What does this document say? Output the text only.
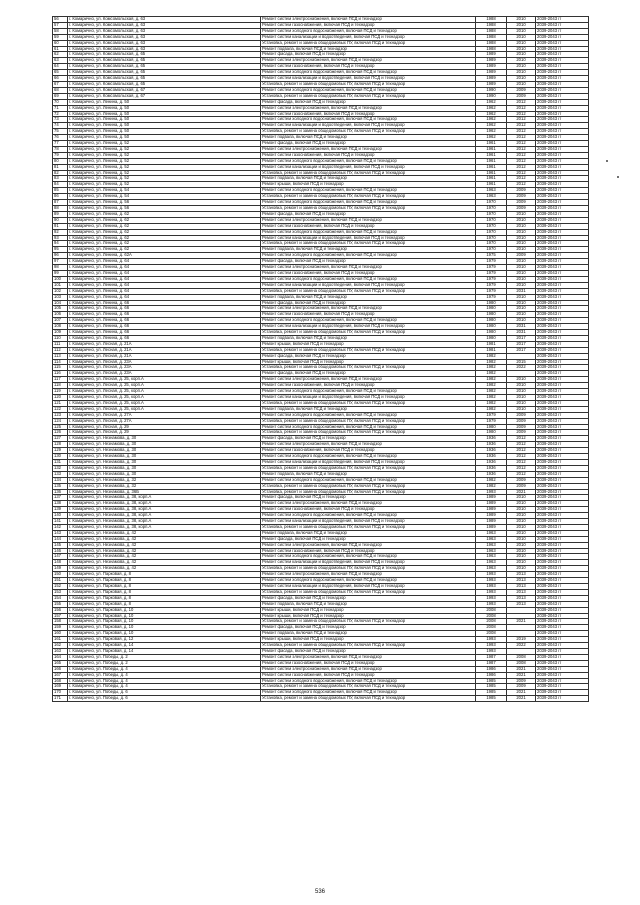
56	г. Комарично, ул. Комсомольская, д. 63	Ремонт систем электроснабжения, включая ПСД и технадзор	1988	2010	2039-2043 гг
57	г. Комарично, ул. Комсомольская, д. 63	Ремонт систем газоснабжения, включая ПСД и технадзор	1988	2010	2039-2043 гг
58	г. Комарично, ул. Комсомольская, д. 63	Ремонт систем холодного водоснабжения, включая ПСД и технадзор	1988	2010	2039-2043 гг
59	г. Комарично, ул. Комсомольская, д. 63	Ремонт систем канализации и водоотведения, включая ПСД и технадзор	1988	2010	2039-2043 гг
60	г. Комарично, ул. Комсомольская, д. 63	Установка, ремонт и замена общедомовых ПУ, включая ПСД и технадзор	1988	2010	2039-2043 гг
61	г. Комарично, ул. Комсомольская, д. 63	Ремонт подвала, включая ПСД и технадзор	1988	2010	2039-2043 гг
62	г. Комарично, ул. Комсомольская, д. 65	Ремонт фасада, включая ПСД и технадзор	1989	2010	2039-2043 гг
63	г. Комарично, ул. Комсомольская, д. 65	Ремонт систем электроснабжения, включая ПСД и технадзор	1989	2010	2039-2043 гг
64	г. Комарично, ул. Комсомольская, д. 65	Ремонт систем газоснабжения, включая ПСД и технадзор	1989	2010	2039-2043 гг
65	г. Комарично, ул. Комсомольская, д. 65	Ремонт систем холодного водоснабжения, включая ПСД и технадзор	1989	2010	2039-2043 гг
66	г. Комарично, ул. Комсомольская, д. 65	Ремонт систем канализации и водоотведения, включая ПСД и технадзор	1989	2010	2039-2043 гг
67	г. Комарично, ул. Комсомольская, д. 65	Установка, ремонт и замена общедомовых ПУ, включая ПСД и технадзор	1989	2010	2039-2043 гг
68	г. Комарично, ул. Комсомольская, д. 67	Ремонт систем холодного водоснабжения, включая ПСД и технадзор	1990	2009	2039-2043 гг
69	г. Комарично, ул. Комсомольская, д. 67	Установка, ремонт и замена общедомовых ПУ, включая ПСД и технадзор	1990	2009	2039-2043 гг
70	г. Комарично, ул. Ленина, д. 50	Ремонт фасада, включая ПСД и технадзор	1962	2012	2039-2043 гг
71	г. Комарично, ул. Ленина, д. 50	Ремонт систем электроснабжения, включая ПСД и технадзор	1962	2012	2039-2043 гг
72	г. Комарично, ул. Ленина, д. 50	Ремонт систем газоснабжения, включая ПСД и технадзор	1962	2012	2039-2043 гг
73	г. Комарично, ул. Ленина, д. 50	Ремонт систем холодного водоснабжения, включая ПСД и технадзор	1962	2012	2039-2043 гг
74	г. Комарично, ул. Ленина, д. 50	Ремонт систем канализации и водоотведения, включая ПСД и технадзор	1962	2012	2039-2043 гг
75	г. Комарично, ул. Ленина, д. 50	Установка, ремонт и замена общедомовых ПУ, включая ПСД и технадзор	1962	2012	2039-2043 гг
76	г. Комарично, ул. Ленина, д. 50	Ремонт подвала, включая ПСД и технадзор	1962	2012	2039-2043 гг
77	г. Комарично, ул. Ленина, д. 52	Ремонт фасада, включая ПСД и технадзор	1961	2012	2039-2043 гг
78	г. Комарично, ул. Ленина, д. 52	Ремонт систем электроснабжения, включая ПСД и технадзор	1961	2012	2039-2043 гг
79	г. Комарично, ул. Ленина, д. 52	Ремонт систем газоснабжения, включая ПСД и технадзор	1961	2012	2039-2043 гг
80	г. Комарично, ул. Ленина, д. 52	Ремонт систем холодного водоснабжения, включая ПСД и технадзор	1961	2012	2039-2043 гг
81	г. Комарично, ул. Ленина, д. 52	Ремонт систем канализации и водоотведения, включая ПСД и технадзор	1961	2012	2039-2043 гг
82	г. Комарично, ул. Ленина, д. 52	Установка, ремонт и замена общедомовых ПУ, включая ПСД и технадзор	1961	2012	2039-2043 гг
83	г. Комарично, ул. Ленина, д. 52	Ремонт подвала, включая ПСД и технадзор	1961	2012	2039-2043 гг
84	г. Комарично, ул. Ленина, д. 52	Ремонт крыши, включая ПСД и технадзор	1961	2012	2039-2043 гг
85	г. Комарично, ул. Ленина, д. 54	Ремонт систем холодного водоснабжения, включая ПСД и технадзор	1963	2009	2039-2043 гг
86	г. Комарично, ул. Ленина, д. 54	Установка, ремонт и замена общедомовых ПУ, включая ПСД и технадзор	1963	2009	2039-2043 гг
87	г. Комарично, ул. Ленина, д. 56	Ремонт систем холодного водоснабжения, включая ПСД и технадзор	1970	2009	2039-2043 гг
88	г. Комарично, ул. Ленина, д. 56	Установка, ремонт и замена общедомовых ПУ, включая ПСД и технадзор	1970	2009	2039-2043 гг
89	г. Комарично, ул. Ленина, д. 62	Ремонт фасада, включая ПСД и технадзор	1970	2010	2039-2043 гг
90	г. Комарично, ул. Ленина, д. 62	Ремонт систем электроснабжения, включая ПСД и технадзор	1970	2010	2039-2043 гг
91	г. Комарично, ул. Ленина, д. 62	Ремонт систем газоснабжения, включая ПСД и технадзор	1970	2010	2039-2043 гг
92	г. Комарично, ул. Ленина, д. 62	Ремонт систем холодного водоснабжения, включая ПСД и технадзор	1970	2010	2039-2043 гг
93	г. Комарично, ул. Ленина, д. 62	Ремонт систем канализации и водоотведения, включая ПСД и технадзор	1970	2010	2039-2043 гг
94	г. Комарично, ул. Ленина, д. 62	Установка, ремонт и замена общедомовых ПУ, включая ПСД и технадзор	1970	2010	2039-2043 гг
95	г. Комарично, ул. Ленина, д. 62	Ремонт подвала, включая ПСД и технадзор	1970	2010	2039-2043 гг
96	г. Комарично, ул. Ленина, д. 62А	Ремонт систем холодного водоснабжения, включая ПСД и технадзор	1975	2009	2039-2043 гг
97	г. Комарично, ул. Ленина, д. 64	Ремонт фасада, включая ПСД и технадзор	1979	2010	2039-2043 гг
98	г. Комарично, ул. Ленина, д. 64	Ремонт систем электроснабжения, включая ПСД и технадзор	1979	2010	2039-2043 гг
99	г. Комарично, ул. Ленина, д. 64	Ремонт систем газоснабжения, включая ПСД и технадзор	1979	2010	2039-2043 гг
100	г. Комарично, ул. Ленина, д. 64	Ремонт систем холодного водоснабжения, включая ПСД и технадзор	1979	2010	2039-2043 гг
101	г. Комарично, ул. Ленина, д. 64	Ремонт систем канализации и водоотведения, включая ПСД и технадзор	1979	2010	2039-2043 гг
102	г. Комарично, ул. Ленина, д. 64	Установка, ремонт и замена общедомовых ПУ, включая ПСД и технадзор	1979	2031	2039-2043 гг
103	г. Комарично, ул. Ленина, д. 64	Ремонт подвала, включая ПСД и технадзор	1979	2010	2039-2043 гг
104	г. Комарично, ул. Ленина, д. 66	Ремонт фасада, включая ПСД и технадзор	1980	2010	2039-2043 гг
105	г. Комарично, ул. Ленина, д. 66	Ремонт систем электроснабжения, включая ПСД и технадзор	1980	2010	2039-2043 гг
106	г. Комарично, ул. Ленина, д. 66	Ремонт систем газоснабжения, включая ПСД и технадзор	1980	2010	2039-2043 гг
107	г. Комарично, ул. Ленина, д. 66	Ремонт систем холодного водоснабжения, включая ПСД и технадзор	1980	2010	2039-2043 гг
108	г. Комарично, ул. Ленина, д. 66	Ремонт систем канализации и водоотведения, включая ПСД и технадзор	1980	2031	2039-2043 гг
109	г. Комарично, ул. Ленина, д. 66	Установка, ремонт и замена общедомовых ПУ, включая ПСД и технадзор	1980	2031	2039-2043 гг
110	г. Комарично, ул. Ленина, д. 66	Ремонт подвала, включая ПСД и технадзор	1980	2017	2039-2043 гг
111	г. Комарично, ул. Лесная, д. 21А	Ремонт крыши, включая ПСД и технадзор	1981	2017	2039-2043 гг
112	г. Комарично, ул. Лесная, д. 21А	Установка, ремонт и замена общедомовых ПУ, включая ПСД и технадзор	1981	2017	2039-2043 гг
113	г. Комарично, ул. Лесная, д. 21А	Ремонт фасада, включая ПСД и технадзор	1982		2039-2043 гг
114	г. Комарично, ул. Лесная, д. 23А	Ремонт крыши, включая ПСД и технадзор	1982	2015	2039-2043 гг
115	г. Комарично, ул. Лесная, д. 23А	Установка, ремонт и замена общедомовых ПУ, включая ПСД и технадзор	1982	2022	2039-2043 гг
116	г. Комарично, ул. Лесная, д. 23А	Ремонт фасада, включая ПСД и технадзор	1982		2039-2043 гг
117	г. Комарично, ул. Лесная, д. 25, корп.А	Ремонт систем электроснабжения, включая ПСД и технадзор	1982	2010	2039-2043 гг
118	г. Комарично, ул. Лесная, д. 25, корп.А	Ремонт систем газоснабжения, включая ПСД и технадзор	1982	2010	2039-2043 гг
119	г. Комарично, ул. Лесная, д. 25, корп.А	Ремонт систем холодного водоснабжения, включая ПСД и технадзор	1982	2010	2039-2043 гг
120	г. Комарично, ул. Лесная, д. 25, корп.А	Ремонт систем канализации и водоотведения, включая ПСД и технадзор	1982	2010	2039-2043 гг
121	г. Комарично, ул. Лесная, д. 25, корп.А	Установка, ремонт и замена общедомовых ПУ, включая ПСД и технадзор	1982	2010	2039-2043 гг
122	г. Комарично, ул. Лесная, д. 25, корп.А	Ремонт подвала, включая ПСД и технадзор	1982	2010	2039-2043 гг
123	г. Комарично, ул. Лесная, д. 27А	Ремонт систем холодного водоснабжения, включая ПСД и технадзор	1979	2009	2039-2043 гг
124	г. Комарично, ул. Лесная, д. 27А	Установка, ремонт и замена общедомовых ПУ, включая ПСД и технадзор	1979	2009	2039-2043 гг
125	г. Комарично, ул. Лесная, д. 29	Ремонт систем холодного водоснабжения, включая ПСД и технадзор	1980	2009	2039-2043 гг
126	г. Комарично, ул. Лесная, д. 29	Установка, ремонт и замена общедомовых ПУ, включая ПСД и технадзор	1980	2009	2039-2043 гг
127	г. Комарично, ул. Незнамова, д. 30	Ремонт фасада, включая ПСД и технадзор	1936	2012	2039-2043 гг
128	г. Комарично, ул. Незнамова, д. 30	Ремонт систем электроснабжения, включая ПСД и технадзор	1936	2012	2039-2043 гг
129	г. Комарично, ул. Незнамова, д. 30	Ремонт систем газоснабжения, включая ПСД и технадзор	1936	2012	2039-2043 гг
130	г. Комарично, ул. Незнамова, д. 30	Ремонт систем холодного водоснабжения, включая ПСД и технадзор	1936	2012	2039-2043 гг
131	г. Комарично, ул. Незнамова, д. 30	Ремонт систем канализации и водоотведения, включая ПСД и технадзор	1936	2012	2039-2043 гг
132	г. Комарично, ул. Незнамова, д. 30	Установка, ремонт и замена общедомовых ПУ, включая ПСД и технадзор	1936	2012	2039-2043 гг
133	г. Комарично, ул. Незнамова, д. 30	Ремонт подвала, включая ПСД и технадзор	1936	2012	2039-2043 гг
134	г. Комарично, ул. Незнамова, д. 32	Ремонт систем холодного водоснабжения, включая ПСД и технадзор	1982	2009	2039-2043 гг
135	г. Комарично, ул. Незнамова, д. 32	Установка, ремонт и замена общедомовых ПУ, включая ПСД и технадзор	1982	2009	2039-2043 гг
136	г. Комарично, ул. Незнамова, д. 36Б	Установка, ремонт и замена общедомовых ПУ, включая ПСД и технадзор	1993	2021	2039-2043 гг
137	г. Комарично, ул. Незнамова, д. 38, корп.А	Ремонт фасада, включая ПСД и технадзор	1989	2010	2039-2043 гг
138	г. Комарично, ул. Незнамова, д. 38, корп.А	Ремонт систем электроснабжения, включая ПСД и технадзор	1989	2010	2039-2043 гг
139	г. Комарично, ул. Незнамова, д. 38, корп.А	Ремонт систем газоснабжения, включая ПСД и технадзор	1989	2010	2039-2043 гг
140	г. Комарично, ул. Незнамова, д. 38, корп.А	Ремонт систем холодного водоснабжения, включая ПСД и технадзор	1989	2010	2039-2043 гг
141	г. Комарично, ул. Незнамова, д. 38, корп.А	Ремонт систем канализации и водоотведения, включая ПСД и технадзор	1989	2010	2039-2043 гг
142	г. Комарично, ул. Незнамова, д. 38, корп.А	Установка, ремонт и замена общедомовых ПУ, включая ПСД и технадзор	1989	2010	2039-2043 гг
143	г. Комарично, ул. Незнамова, д. 42	Ремонт подвала, включая ПСД и технадзор	1963	2010	2039-2043 гг
144	г. Комарично, ул. Незнамова, д. 42	Ремонт фасада, включая ПСД и технадзор	1963	2010	2039-2043 гг
145	г. Комарично, ул. Незнамова, д. 42	Ремонт систем электроснабжения, включая ПСД и технадзор	1963	2010	2039-2043 гг
146	г. Комарично, ул. Незнамова, д. 42	Ремонт систем газоснабжения, включая ПСД и технадзор	1963	2010	2039-2043 гг
147	г. Комарично, ул. Незнамова, д. 42	Ремонт систем холодного водоснабжения, включая ПСД и технадзор	1963	2010	2039-2043 гг
148	г. Комарично, ул. Незнамова, д. 42	Ремонт систем канализации и водоотведения, включая ПСД и технадзор	1963	2010	2039-2043 гг
149	г. Комарично, ул. Незнамова, д. 42	Установка, ремонт и замена общедомовых ПУ, включая ПСД и технадзор	1963	2010	2039-2043 гг
150	г. Комарично, ул. Парковая, д. 8	Ремонт систем электроснабжения, включая ПСД и технадзор	1993	2013	2039-2043 гг
151	г. Комарично, ул. Парковая, д. 8	Ремонт систем холодного водоснабжения, включая ПСД и технадзор	1993	2013	2039-2043 гг
152	г. Комарично, ул. Парковая, д. 8	Ремонт систем канализации и водоотведения, включая ПСД и технадзор	1993	2013	2039-2043 гг
153	г. Комарично, ул. Парковая, д. 8	Установка, ремонт и замена общедомовых ПУ, включая ПСД и технадзор	1993	2013	2039-2043 гг
154	г. Комарично, ул. Парковая, д. 8	Ремонт фасада, включая ПСД и технадзор	1993	2013	2039-2043 гг
155	г. Комарично, ул. Парковая, д. 8	Ремонт подвала, включая ПСД и технадзор	1993	2013	2039-2043 гг
156	г. Комарично, ул. Парковая, д. 10	Ремонт крыши, включая ПСД и технадзор	2008		2039-2043 гг
157	г. Комарично, ул. Парковая, д. 10	Ремонт крыши, включая ПСД и технадзор	2008		2039-2043 гг
158	г. Комарично, ул. Парковая, д. 10	Установка, ремонт и замена общедомовых ПУ, включая ПСД и технадзор	2008	2021	2039-2043 гг
159	г. Комарично, ул. Парковая, д. 10	Ремонт фасада, включая ПСД и технадзор	2008		2039-2043 гг
160	г. Комарично, ул. Парковая, д. 10	Ремонт подвала, включая ПСД и технадзор	2008		2039-2043 гг
161	г. Комарично, ул. Парковая, д. 12	Ремонт крыши, включая ПСД и технадзор	1993	2019	2039-2043 гг
162	г. Комарично, ул. Парковая, д. 14	Установка, ремонт и замена общедомовых ПУ, включая ПСД и технадзор	1993	2022	2039-2043 гг
163	г. Комарично, ул. Парковая, д. 14	Ремонт фасада, включая ПСД и технадзор	1993		2039-2043 гг
164	г. Комарично, ул. Победы, д. 2	Ремонт систем электроснабжения, включая ПСД и технадзор	1987	2008	2039-2043 гг
165	г. Комарично, ул. Победы, д. 2	Ремонт систем газоснабжения, включая ПСД и технадзор	1987	2008	2039-2043 гг
166	г. Комарично, ул. Победы, д. 4	Ремонт систем электроснабжения, включая ПСД и технадзор	1986	2021	2039-2043 гг
167	г. Комарично, ул. Победы, д. 4	Ремонт систем газоснабжения, включая ПСД и технадзор	1986	2021	2039-2043 гг
168	г. Комарично, ул. Победы, д. 4	Ремонт систем холодного водоснабжения, включая ПСД и технадзор	1985	2009	2039-2043 гг
169	г. Комарично, ул. Победы, д. 4	Установка, ремонт и замена общедомовых ПУ, включая ПСД и технадзор	1985	2009	2039-2043 гг
170	г. Комарично, ул. Победы, д. 6	Ремонт систем холодного водоснабжения, включая ПСД и технадзор	1985	2021	2039-2043 гг
171	г. Комарично, ул. Победы, д. 6	Установка, ремонт и замена общедомовых ПУ, включая ПСД и технадзор	1985	2021	2039-2043 гг
536
